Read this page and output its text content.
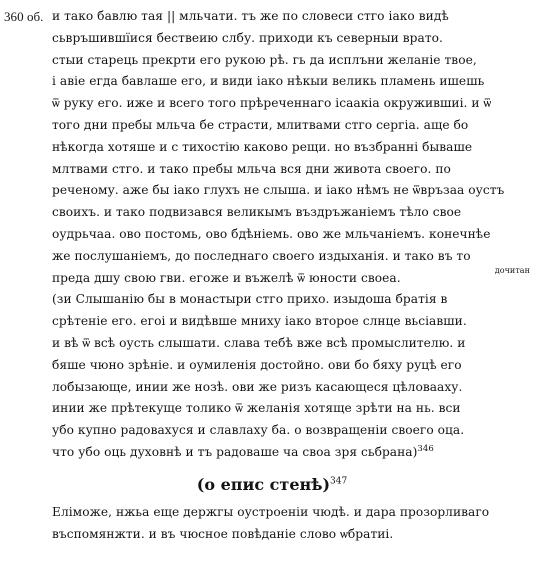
360 об. и тако бавлю тая || мльчати. тъ же по словеси стго іако видѣ
сьвръшившїися бествеию слбу. приходи къ северныи врато.
стыи старець прекрти его рукою рѣ. гь да исплъни желаніе твое,
і авіе егда бавлаше его, и види іако нѣкыи великь пламень ишешь
ѿ руку его. иже и всего того прѣреченнаго ісаакіа окружившиі. и ѿ
того дни пребы мльча бе страсти, млитвами стго сергіа. аще бо
нѣкогда хотяше и с тихостію каково рещи. но възбранні бываше
млтвами стго. и тако пребы мльча вся дни живота своего. по
реченому. аже бы іако глухъ не слыша. и іако нѣмъ не ѿвръзаа оустъ
своихъ. и тако подвизався великымъ въздръжаніемъ тѣло свое
оудрьчаа. ово постомь, ово бдѣніемь. ово же мльчаніемъ. конечнѣе
же послушаніемъ, до последнаго своего издыханія. и тако въ то
преда дшу свою гви. егоже и въжелѣ ѿ юности своеа.
дочитан
(зи Слышанію бы в монастыри стго прихо. изыдоша братія в
срѣтеніе его. егоі и видѣвше мниху іако второе слнце вьсіавши.
и вѣ ѿ всѣ оусть слышати. слава тебѣ вже всѣ промыслителю. и
бяше чюно зрѣніе. и оумиленія достойно. ови бо бяху руцѣ его
лобызающе, инии же нозѣ. ови же ризъ касающеся цѣловааху.
инии же прѣтекуще толико ѿ желанія хотяще зрѣти на нь. вси
убо купно радовахуся и славлаху ба. о возвращеніи своего оца.
что убо оць духовнѣ и тъ радоваше ча своа зря сьбрана)$^{346}$
(о епис стенѣ)$^{347}$
Еліможе, нжьа еще держгы оустроеніи чюдѣ. и дара прозорливаго
въспомянжти. и въ чюсное повѣданіе слово ѡбратиі.
